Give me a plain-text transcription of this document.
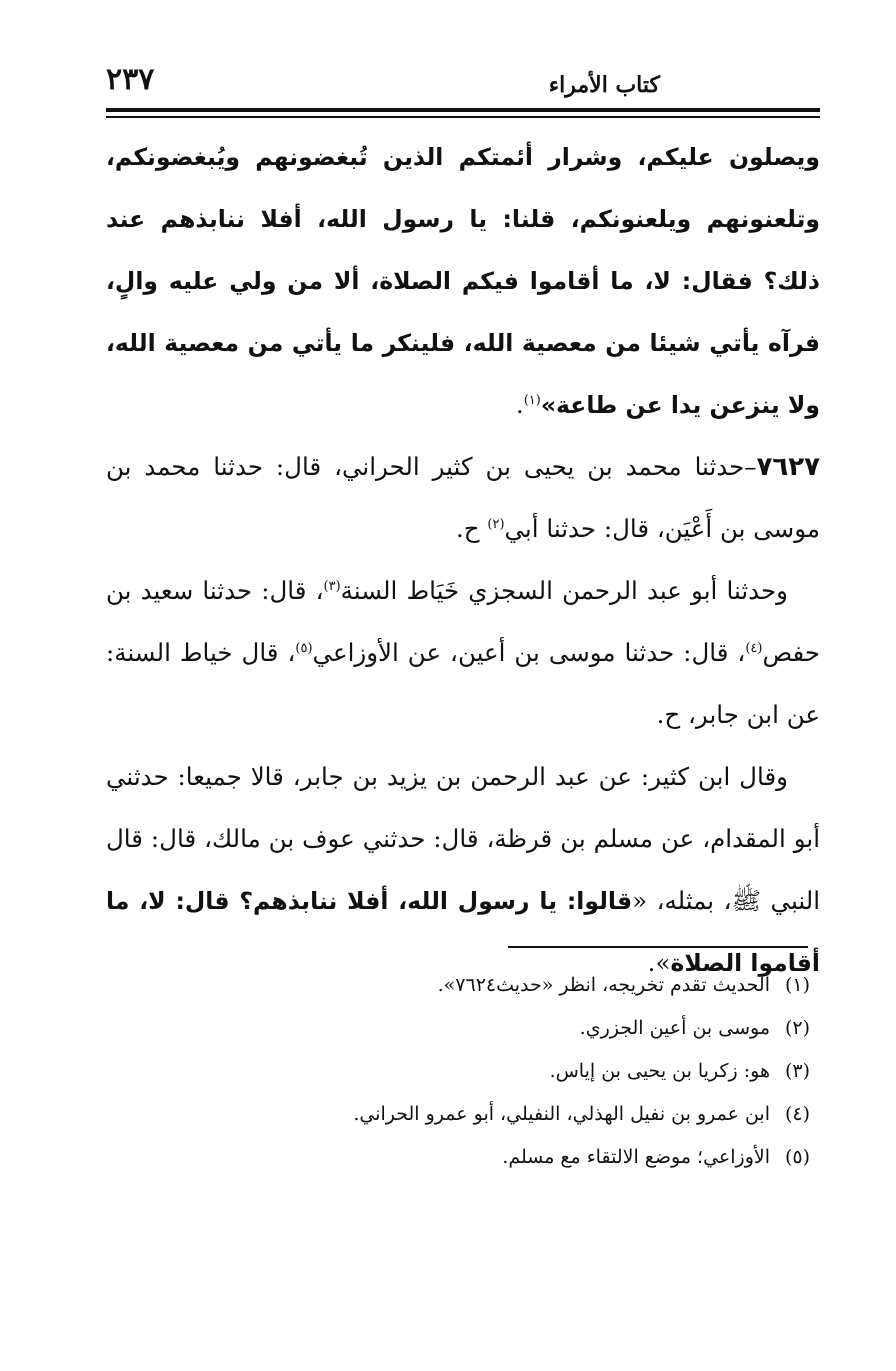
كتاب الأمراء
٢٣٧

ويصلون عليكم، وشرار أئمتكم الذين تُبغضونهم ويُبغضونكم، وتلعنونهم ويلعنونكم، قلنا: يا رسول الله، أفلا ننابذهم عند ذلك؟ فقال: لا، ما أقاموا فيكم الصلاة، ألا من ولي عليه والٍ، فرآه يأتي شيئا من معصية الله، فلينكر ما يأتي من معصية الله، ولا ينزعن يدا عن طاعة»$^{(١)}$.

٧٦٢٧–حدثنا محمد بن يحيى بن كثير الحراني، قال: حدثنا محمد بن موسى بن أَعْيَن، قال: حدثنا أبي$^{(٢)}$ ح.

وحدثنا أبو عبد الرحمن السجزي خَيَاط السنة$^{(٣)}$، قال: حدثنا سعيد بن حفص$^{(٤)}$، قال: حدثنا موسى بن أعين، عن الأوزاعي$^{(٥)}$، قال خياط السنة: عن ابن جابر، ح.

وقال ابن كثير: عن عبد الرحمن بن يزيد بن جابر، قالا جميعا: حدثني أبو المقدام، عن مسلم بن قرظة، قال: حدثني عوف بن مالك، قال: قال النبي ﷺ، بمثله، «قالوا: يا رسول الله، أفلا ننابذهم؟ قال: لا، ما أقاموا الصلاة».

(١)الحديث تقدم تخريجه، انظر «حديث٧٦٢٤».
(٢)موسى بن أعين الجزري.
(٣)هو: زكريا بن يحيى بن إياس.
(٤)ابن عمرو بن نفيل الهذلي، النفيلي، أبو عمرو الحراني.
(٥)الأوزاعي؛ موضع الالتقاء مع مسلم.
